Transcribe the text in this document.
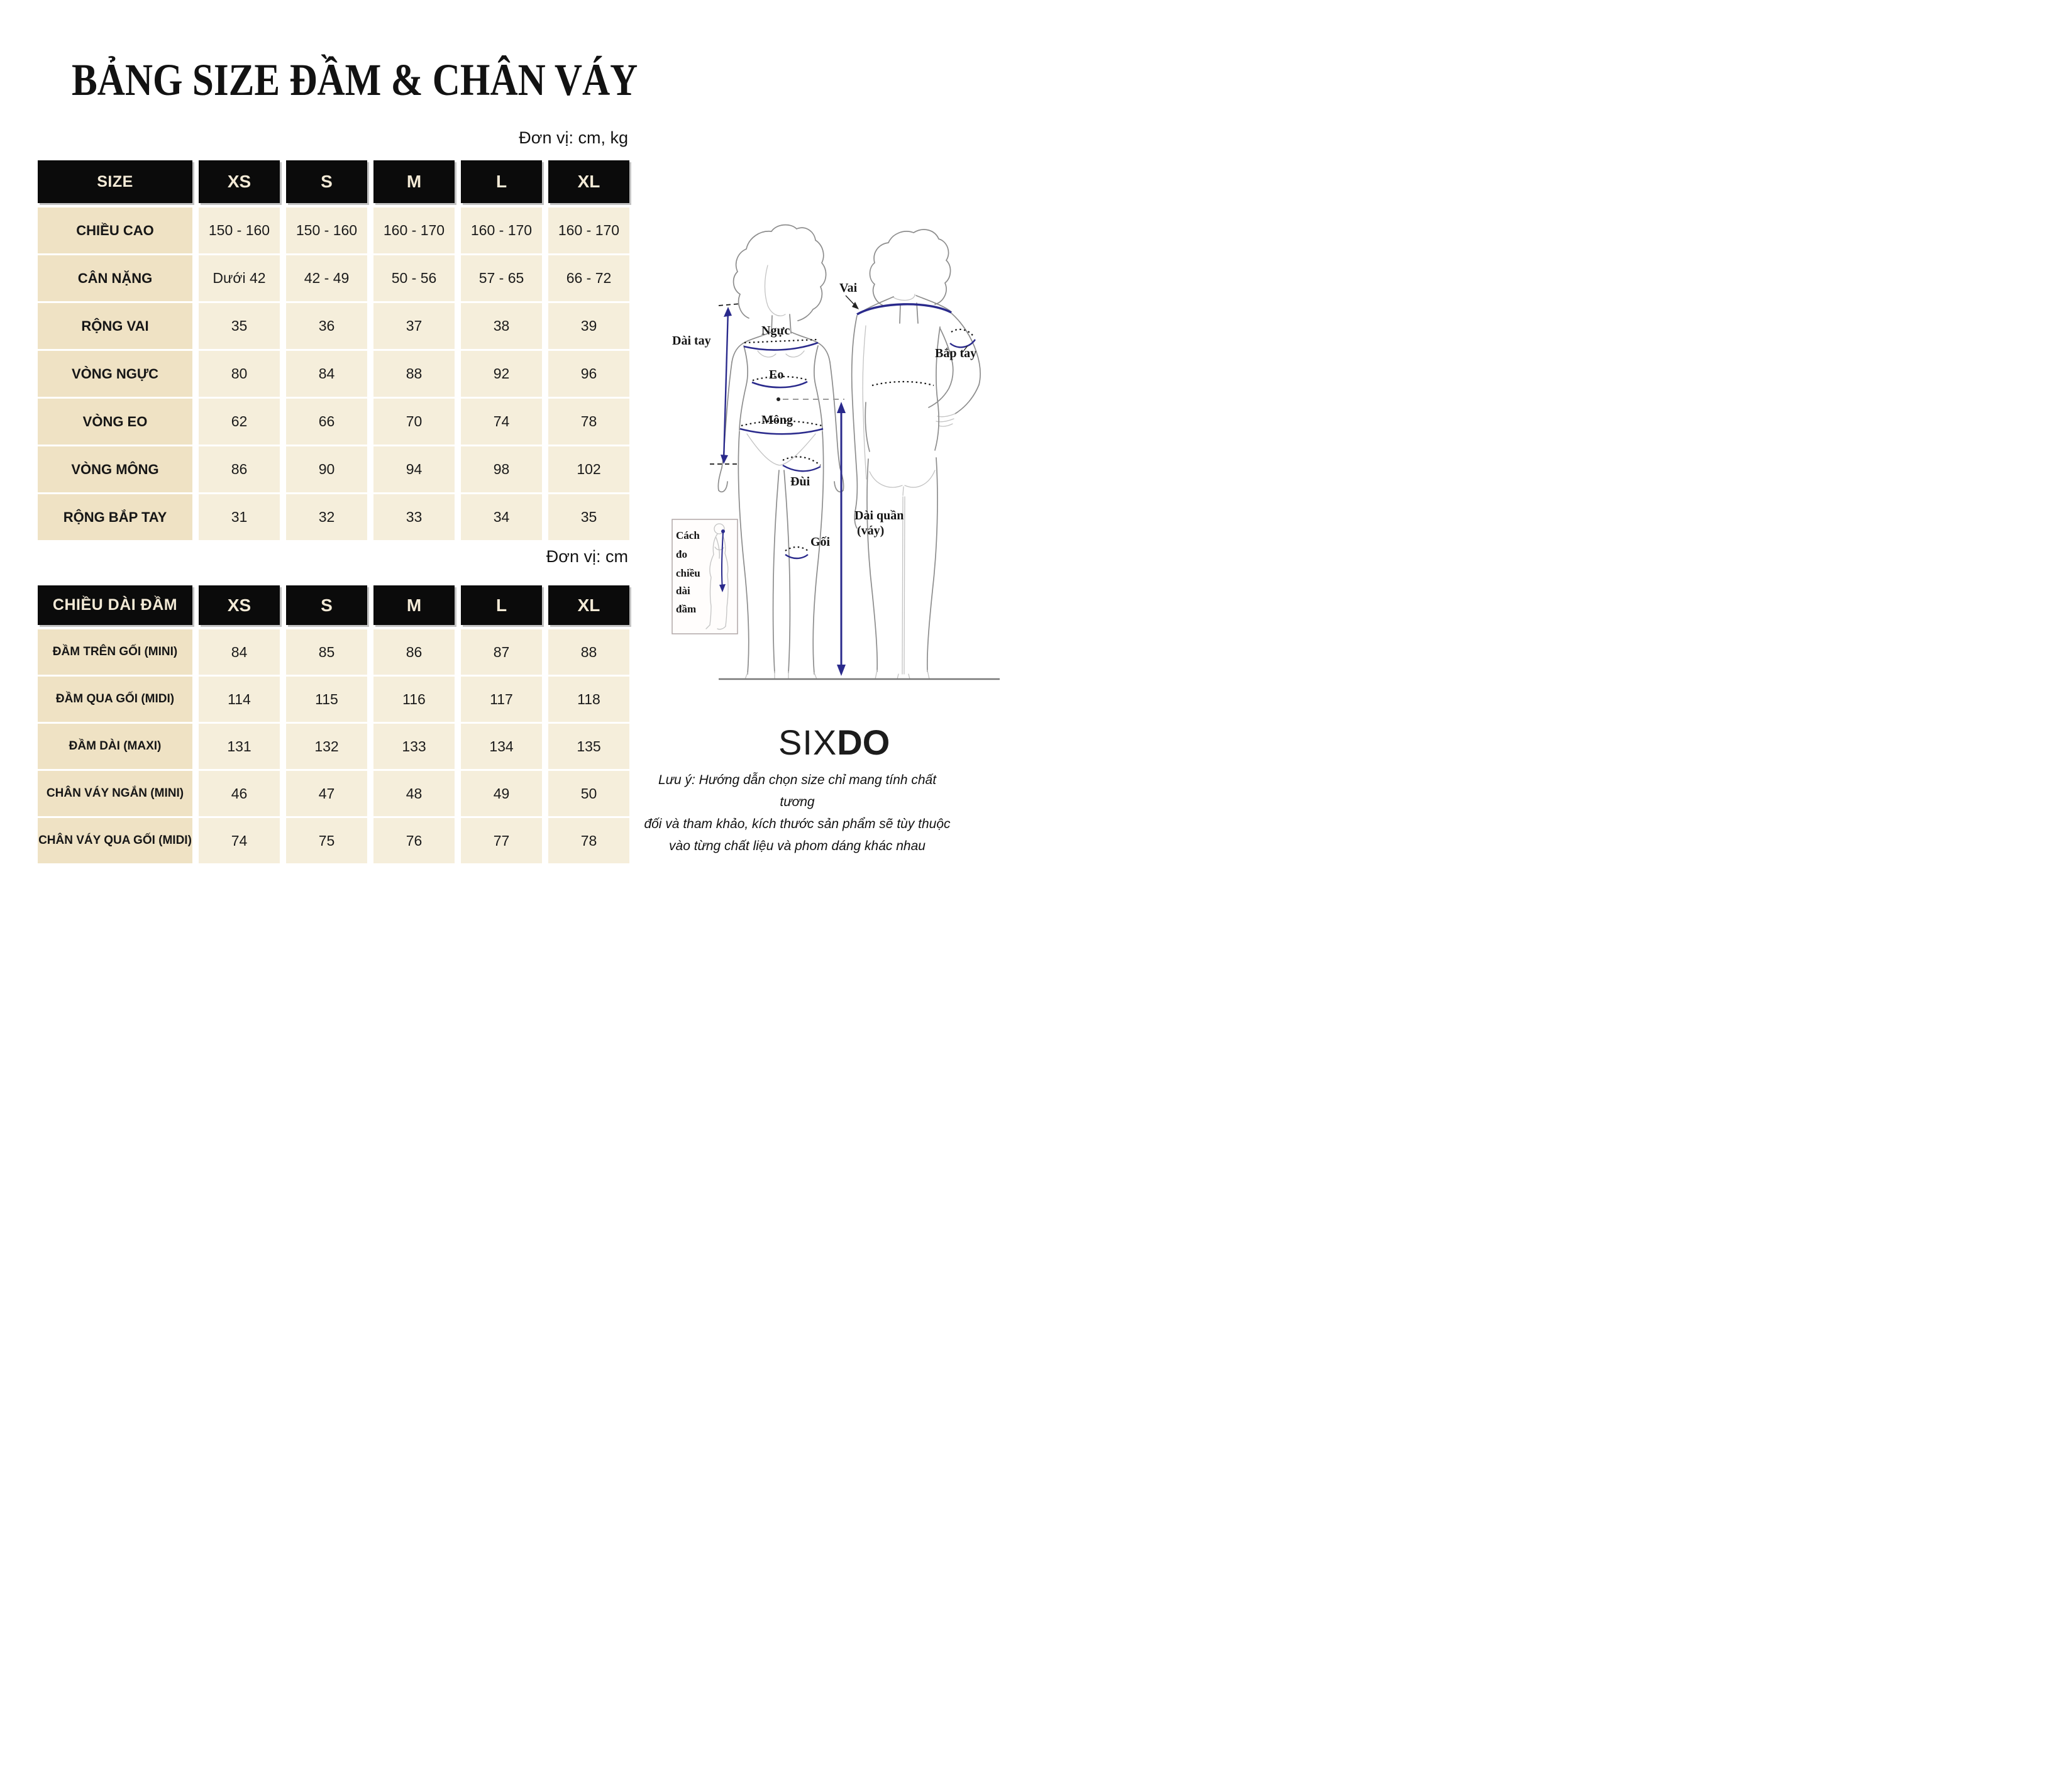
BẢNG SIZE ĐẦM & CHÂN VÁY
Đơn vị: cm, kg
SIZE	XS	S	M	L	XL
CHIỀU CAO	150 - 160	150 - 160	160 - 170	160 - 170	160 - 170
CÂN NẶNG	Dưới 42	42 - 49	50 - 56	57 - 65	66 - 72
RỘNG VAI	35	36	37	38	39
VÒNG NGỰC	80	84	88	92	96
VÒNG EO	62	66	70	74	78
VÒNG MÔNG	86	90	94	98	102
RỘNG BẮP TAY	31	32	33	34	35
Đơn vị: cm
CHIỀU DÀI ĐẦM	XS	S	M	L	XL
ĐẦM TRÊN GỐI (MINI)	84	85	86	87	88
ĐẦM QUA GỐI (MIDI)	114	115	116	117	118
ĐẦM DÀI (MAXI)	131	132	133	134	135
CHÂN VÁY NGẮN (MINI)	46	47	48	49	50
CHÂN VÁY QUA GỐI (MIDI)	74	75	76	77	78
Cách
đo
chiều
dài
đầm
Vai
Dài tay
Ngực
Eo
Mông
Đùi
Gối
Dài quần
(váy)
Bắp tay
SIXDO
Lưu ý: Hướng dẫn chọn size chỉ mang tính chất tương
đối và tham khảo, kích thước sản phẩm sẽ tùy thuộc
vào từng chất liệu và phom dáng khác nhau
